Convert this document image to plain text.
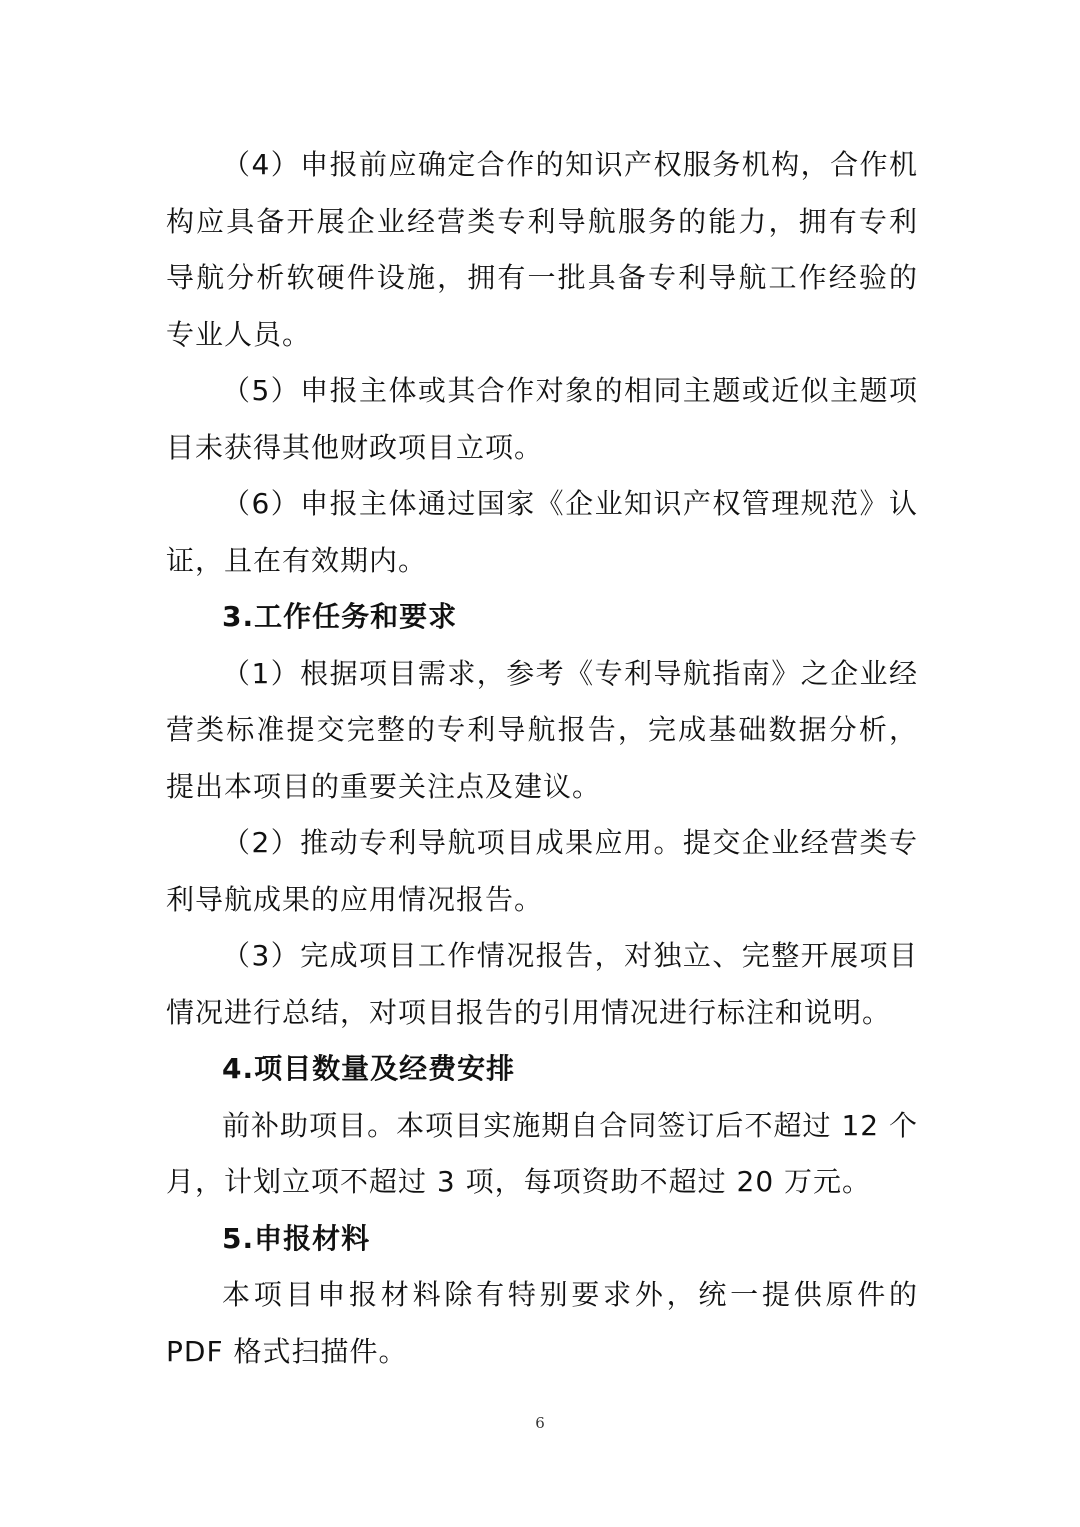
（4）申报前应确定合作的知识产权服务机构，合作机构应具备开展企业经营类专利导航服务的能力，拥有专利导航分析软硬件设施，拥有一批具备专利导航工作经验的专业人员。

（5）申报主体或其合作对象的相同主题或近似主题项目未获得其他财政项目立项。

（6）申报主体通过国家《企业知识产权管理规范》认证，且在有效期内。

3.工作任务和要求

（1）根据项目需求，参考《专利导航指南》之企业经营类标准提交完整的专利导航报告，完成基础数据分析，提出本项目的重要关注点及建议。

（2）推动专利导航项目成果应用。提交企业经营类专利导航成果的应用情况报告。

（3）完成项目工作情况报告，对独立、完整开展项目情况进行总结，对项目报告的引用情况进行标注和说明。

4.项目数量及经费安排

前补助项目。本项目实施期自合同签订后不超过 12 个月，计划立项不超过 3 项，每项资助不超过 20 万元。

5.申报材料

本项目申报材料除有特别要求外，统一提供原件的 PDF 格式扫描件。

6
